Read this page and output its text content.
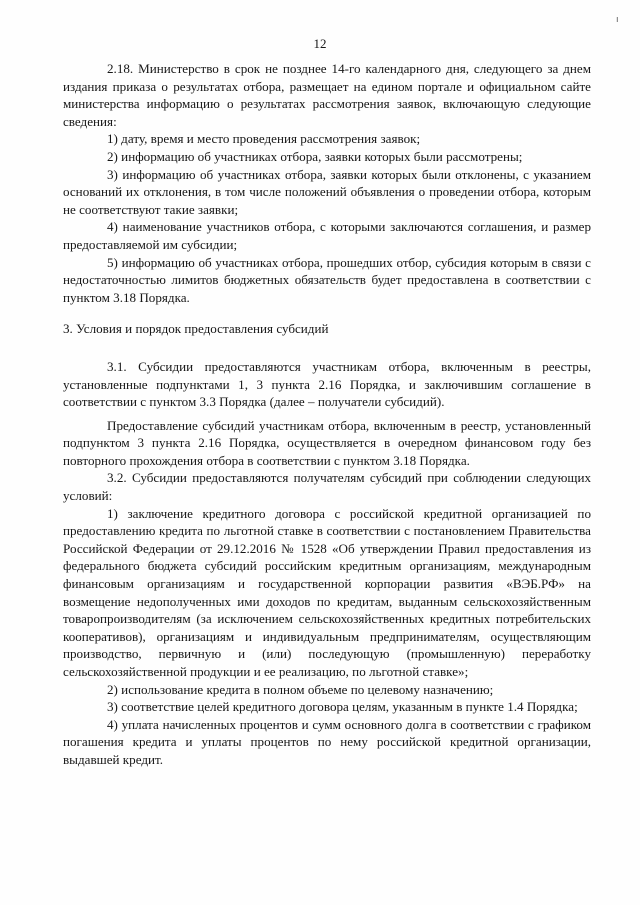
ı
12

2.18. Министерство в срок не позднее 14-го календарного дня, следующего за днем издания приказа о результатах отбора, размещает на едином портале и официальном сайте министерства информацию о результатах рассмотрения заявок, включающую следующие сведения:

1) дату, время и место проведения рассмотрения заявок;

2) информацию об участниках отбора, заявки которых были рассмотрены;

3) информацию об участниках отбора, заявки которых были отклонены, с указанием оснований их отклонения, в том числе положений объявления о проведении отбора, которым не соответствуют такие заявки;

4) наименование участников отбора, с которыми заключаются соглашения, и размер предоставляемой им субсидии;

5) информацию об участниках отбора, прошедших отбор, субсидия которым в связи с недостаточностью лимитов бюджетных обязательств будет предоставлена в соответствии с пунктом 3.18 Порядка.

3. Условия и порядок предоставления субсидий

3.1. Субсидии предоставляются участникам отбора, включенным в реестры, установленные подпунктами 1, 3 пункта 2.16 Порядка, и заключившим соглашение в соответствии с пунктом 3.3 Порядка (далее – получатели субсидий).

Предоставление субсидий участникам отбора, включенным в реестр, установленный подпунктом 3 пункта 2.16 Порядка, осуществляется в очередном финансовом году без повторного прохождения отбора в соответствии с пунктом 3.18 Порядка.

3.2. Субсидии предоставляются получателям субсидий при соблюдении следующих условий:

1) заключение кредитного договора с российской кредитной организацией по предоставлению кредита по льготной ставке в соответствии с постановлением Правительства Российской Федерации от 29.12.2016 № 1528 «Об утверждении Правил предоставления из федерального бюджета субсидий российским кредитным организациям, международным финансовым организациям и государственной корпорации развития «ВЭБ.РФ» на возмещение недополученных ими доходов по кредитам, выданным сельскохозяйственным товаропроизводителям (за исключением сельскохозяйственных кредитных потребительских кооперативов), организациям и индивидуальным предпринимателям, осуществляющим производство, первичную и (или) последующую (промышленную) переработку сельскохозяйственной продукции и ее реализацию, по льготной ставке»;

2) использование кредита в полном объеме по целевому назначению;

3) соответствие целей кредитного договора целям, указанным в пункте 1.4 Порядка;

4) уплата начисленных процентов и сумм основного долга в соответствии с графиком погашения кредита и уплаты процентов по нему российской кредитной организации, выдавшей кредит.
